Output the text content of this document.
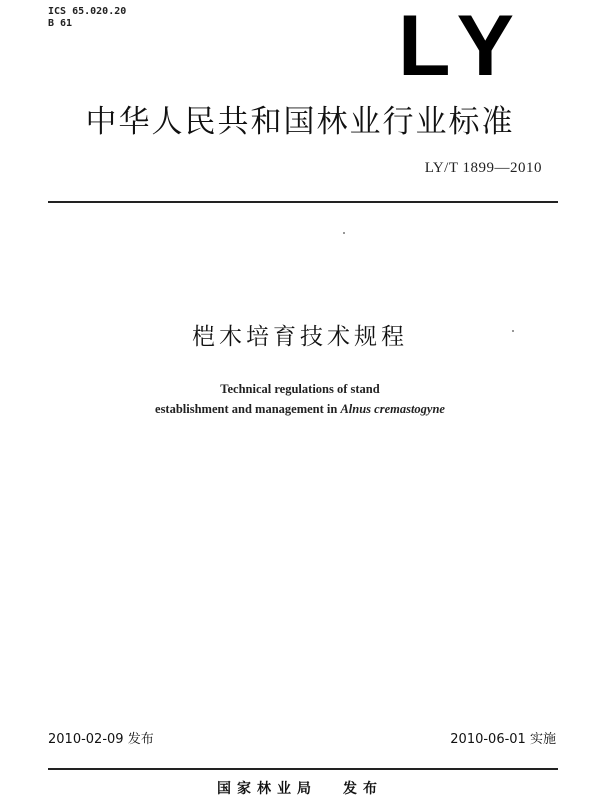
ICS 65.020.20
B 61	LY
中华人民共和国林业行业标准
LY/T 1899—2010
桤木培育技术规程
Technical regulations of stand
establishment and management in Alnus cremastogyne
2010-02-09 发布	2010-06-01 实施
国家林业局 发布
